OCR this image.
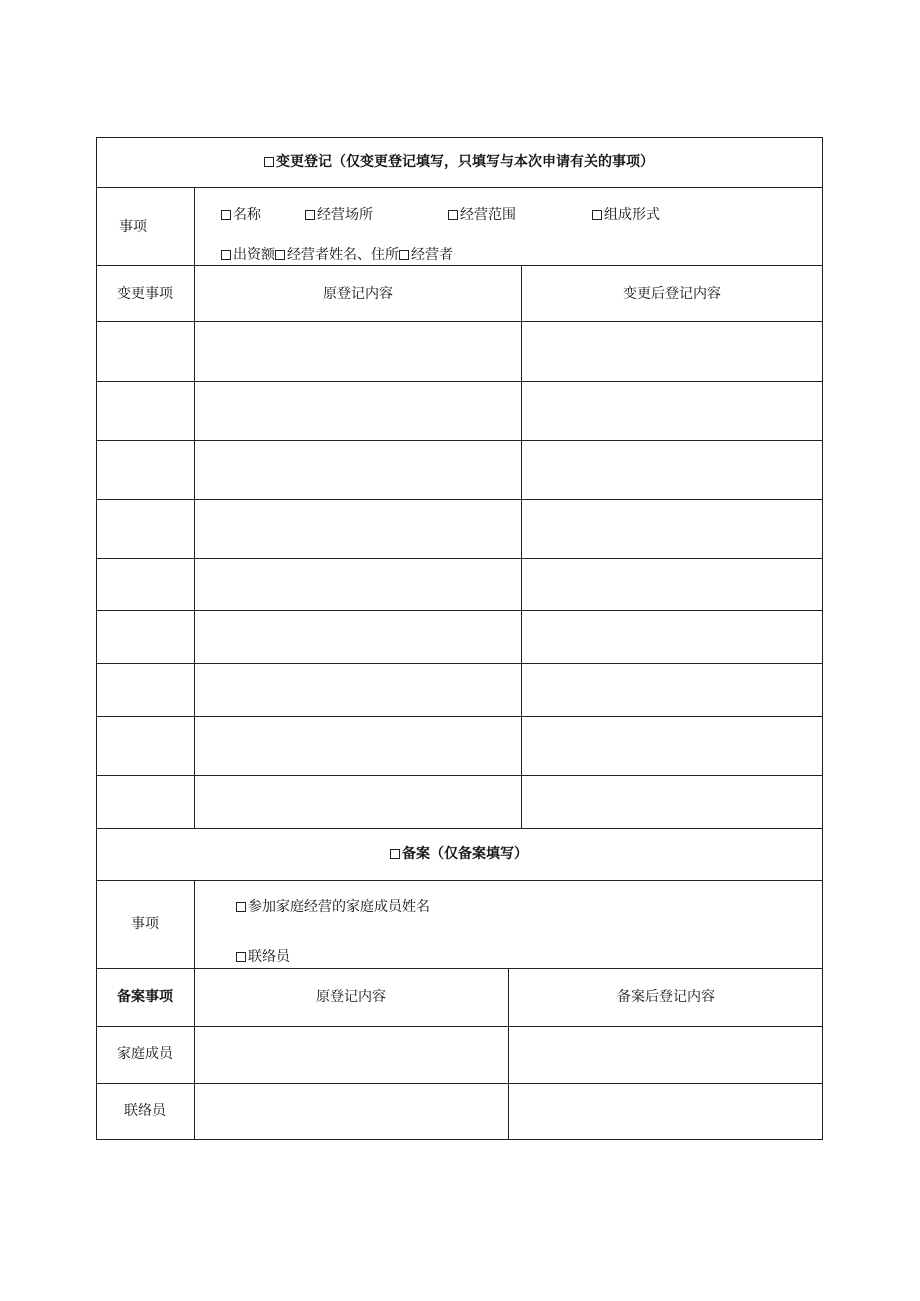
变更登记（仅变更登记填写，只填写与本次申请有关的事项）
事项
名称	经营场所	经营范围	组成形式
出资额 经营者姓名、住所 经营者
变更事项	原登记内容	变更后登记内容
备案（仅备案填写）
事项
参加家庭经营的家庭成员姓名
联络员
备案事项	原登记内容	备案后登记内容
家庭成员
联络员
